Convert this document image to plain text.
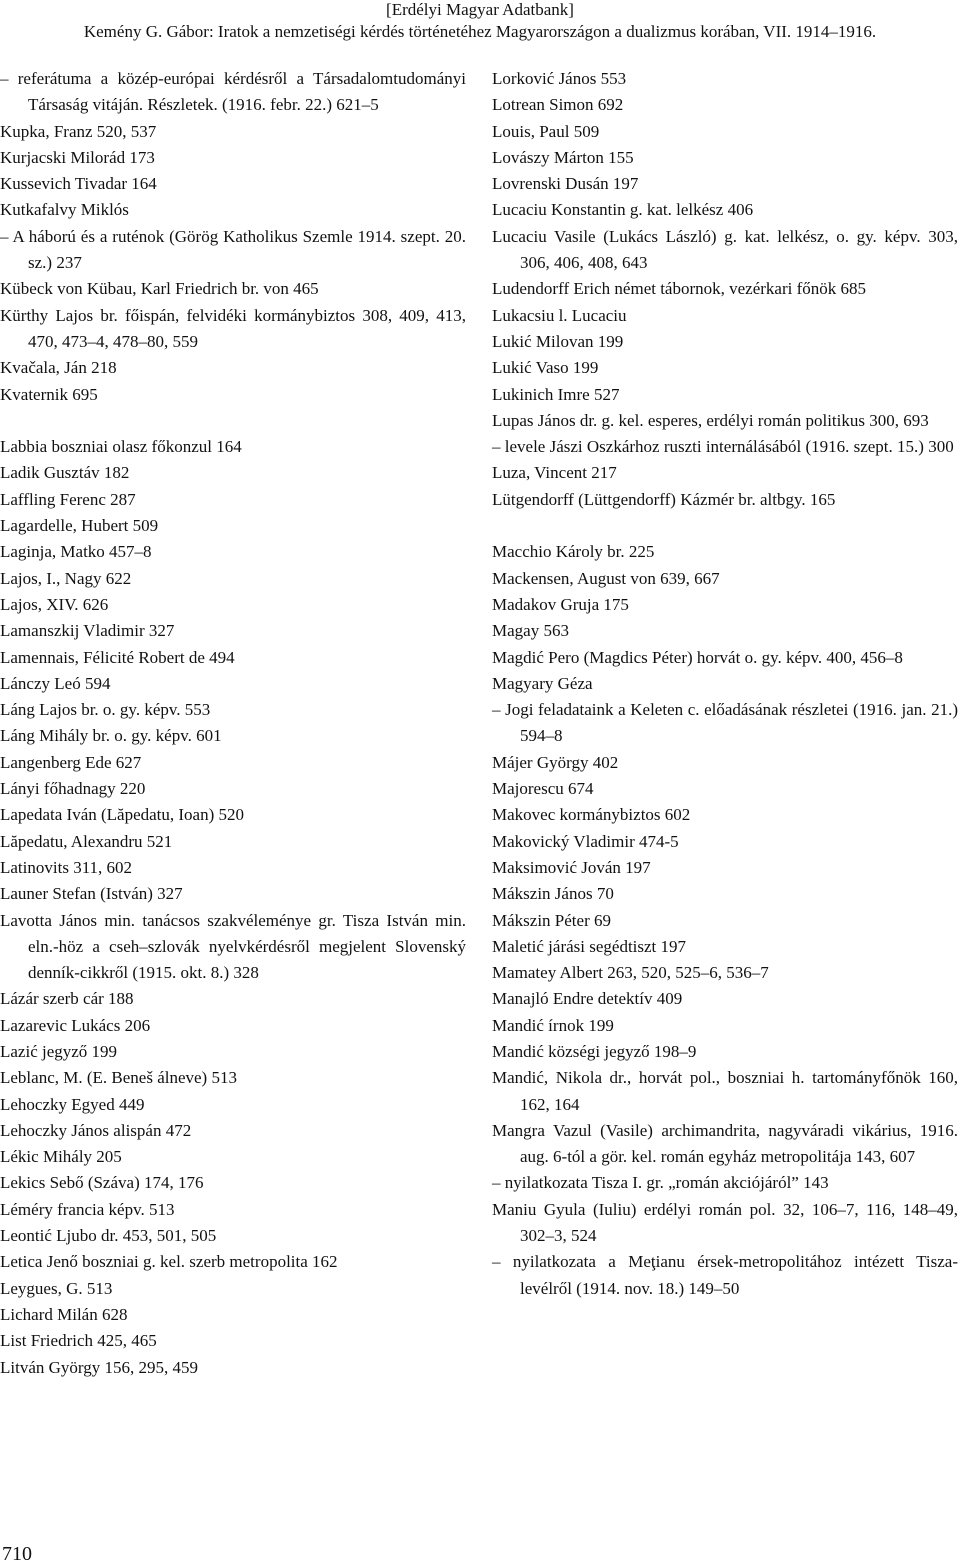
[Erdélyi Magyar Adatbank]
Kemény G. Gábor: Iratok a nemzetiségi kérdés történetéhez Magyarországon a dualizmus korában, VII. 1914–1916.
– referátuma a közép-európai kérdésről a Társadalomtudományi Társaság vitáján. Részletek. (1916. febr. 22.) 621–5
Kupka, Franz 520, 537
Kurjacski Milorád 173
Kussevich Tivadar 164
Kutkafalvy Miklós
– A háború és a ruténok (Görög Katholikus Szemle 1914. szept. 20. sz.) 237
Kübeck von Kübau, Karl Friedrich br. von 465
Kürthy Lajos br. főispán, felvidéki kormánybiztos 308, 409, 413, 470, 473–4, 478–80, 559
Kvačala, Ján 218
Kvaternik 695
Labbia boszniai olasz főkonzul 164
Ladik Gusztáv 182
Laffling Ferenc 287
Lagardelle, Hubert 509
Laginja, Matko 457–8
Lajos, I., Nagy 622
Lajos, XIV. 626
Lamanszkij Vladimir 327
Lamennais, Félicité Robert de 494
Lánczy Leó 594
Láng Lajos br. o. gy. képv. 553
Láng Mihály br. o. gy. képv. 601
Langenberg Ede 627
Lányi főhadnagy 220
Lapedata Iván (Lăpedatu, Ioan) 520
Lăpedatu, Alexandru 521
Latinovits 311, 602
Launer Stefan (István) 327
Lavotta János min. tanácsos szakvéleménye gr. Tisza István min. eln.-höz a cseh–szlovák nyelvkérdésről megjelent Slovenský denník-cikkről (1915. okt. 8.) 328
Lázár szerb cár 188
Lazarevic Lukács 206
Lazić jegyző 199
Leblanc, M. (E. Beneš álneve) 513
Lehoczky Egyed 449
Lehoczky János alispán 472
Lékic Mihály 205
Lekics Sebő (Száva) 174, 176
Léméry francia képv. 513
Leontić Ljubo dr. 453, 501, 505
Letica Jenő boszniai g. kel. szerb metropolita 162
Leygues, G. 513
Lichard Milán 628
List Friedrich 425, 465
Litván György 156, 295, 459
Lorković János 553
Lotrean Simon 692
Louis, Paul 509
Lovászy Márton 155
Lovrenski Dusán 197
Lucaciu Konstantin g. kat. lelkész 406
Lucaciu Vasile (Lukács László) g. kat. lelkész, o. gy. képv. 303, 306, 406, 408, 643
Ludendorff Erich német tábornok, vezérkari főnök 685
Lukacsiu l. Lucaciu
Lukić Milovan 199
Lukić Vaso 199
Lukinich Imre 527
Lupas János dr. g. kel. esperes, erdélyi román politikus 300, 693
– levele Jászi Oszkárhoz ruszti internálásából (1916. szept. 15.) 300
Luza, Vincent 217
Lütgendorff (Lüttgendorff) Kázmér br. altbgy. 165
Macchio Károly br. 225
Mackensen, August von 639, 667
Madakov Gruja 175
Magay 563
Magdić Pero (Magdics Péter) horvát o. gy. képv. 400, 456–8
Magyary Géza
– Jogi feladataink a Keleten c. előadásának részletei (1916. jan. 21.) 594–8
Májer György 402
Majorescu 674
Makovec kormánybiztos 602
Makovický Vladimir 474-5
Maksimović Jován 197
Mákszin János 70
Mákszin Péter 69
Maletić járási segédtiszt 197
Mamatey Albert 263, 520, 525–6, 536–7
Manajló Endre detektív 409
Mandić írnok 199
Mandić községi jegyző 198–9
Mandić, Nikola dr., horvát pol., boszniai h. tartományfőnök 160, 162, 164
Mangra Vazul (Vasile) archimandrita, nagyváradi vikárius, 1916. aug. 6-tól a gör. kel. román egyház metropolitája 143, 607
– nyilatkozata Tisza I. gr. „román akciójáról” 143
Maniu Gyula (Iuliu) erdélyi román pol. 32, 106–7, 116, 148–49, 302–3, 524
– nyilatkozata a Meţianu érsek-metropolitához intézett Tisza-levélről (1914. nov. 18.) 149–50
710
